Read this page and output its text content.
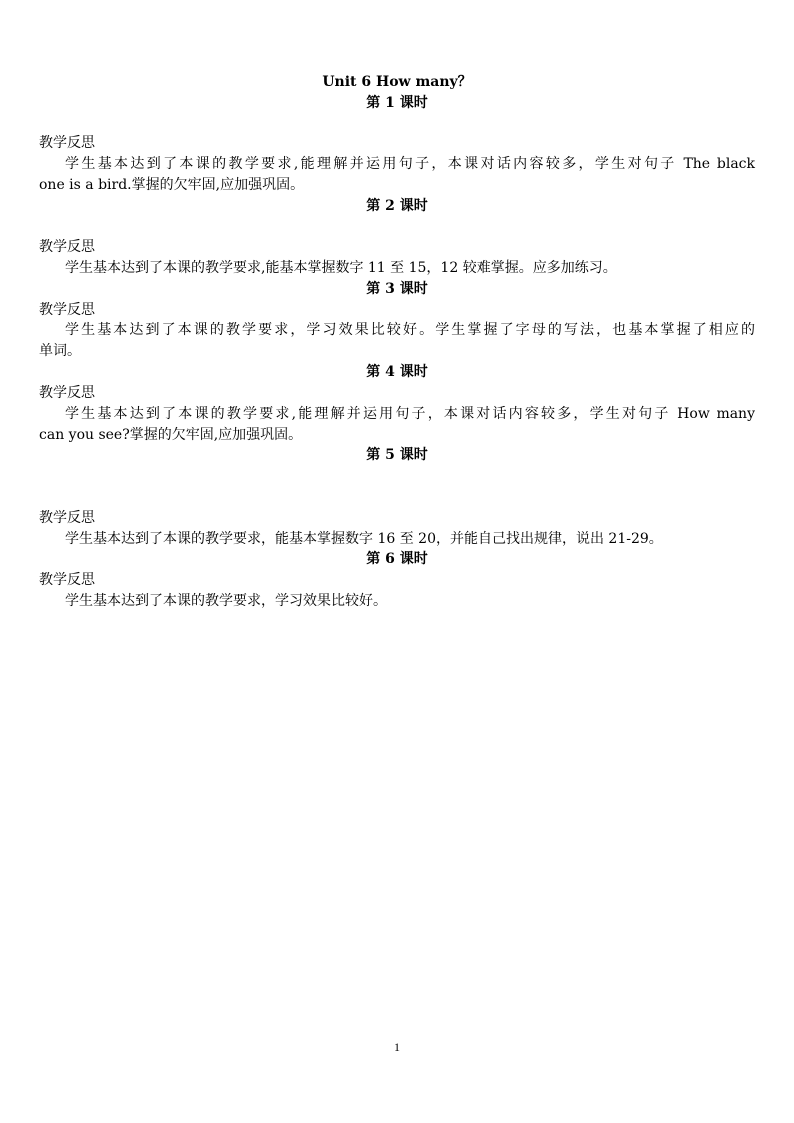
Unit 6 How many？
第 1 课时
教学反思
学生基本达到了本课的教学要求,能理解并运用句子，本课对话内容较多，学生对句子 The black
one is a bird.掌握的欠牢固,应加强巩固。
第 2 课时
教学反思
学生基本达到了本课的教学要求,能基本掌握数字 11 至 15，12 较难掌握。应多加练习。
第 3 课时
教学反思
学生基本达到了本课的教学要求，学习效果比较好。学生掌握了字母的写法，也基本掌握了相应的
单词。
第 4 课时
教学反思
学生基本达到了本课的教学要求,能理解并运用句子，本课对话内容较多，学生对句子 How many
can you see?掌握的欠牢固,应加强巩固。
第 5 课时
教学反思
学生基本达到了本课的教学要求，能基本掌握数字 16 至 20，并能自己找出规律，说出 21-29。
第 6 课时
教学反思
学生基本达到了本课的教学要求，学习效果比较好。
1
